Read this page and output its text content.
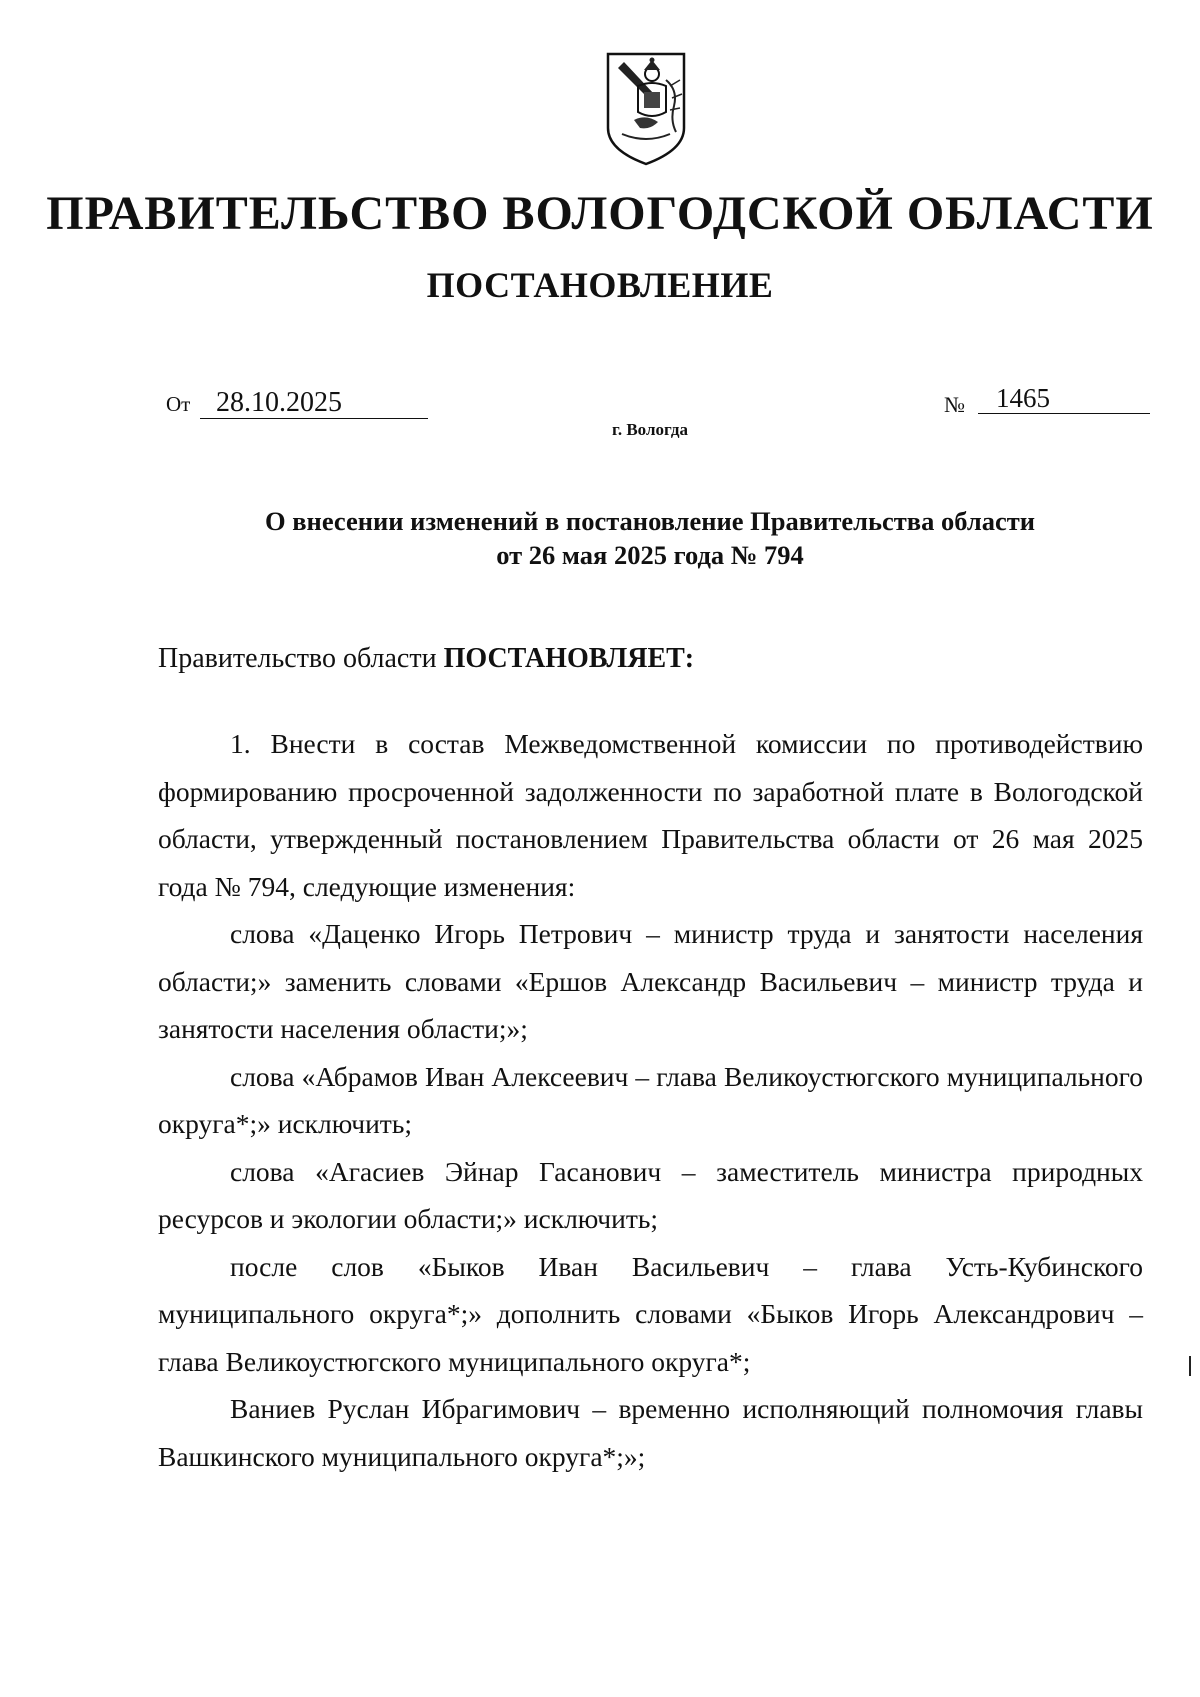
ПРАВИТЕЛЬСТВО ВОЛОГОДСКОЙ ОБЛАСТИ
ПОСТАНОВЛЕНИЕ
От 28.10.2025	№	1465
г. Вологда
О внесении изменений в постановление Правительства области
от 26 мая 2025 года № 794
Правительство области ПОСТАНОВЛЯЕТ:

1. Внести в состав Межведомственной комиссии по противодействию формированию просроченной задолженности по заработной плате в Вологодской области, утвержденный постановлением Правительства области от 26 мая 2025 года № 794, следующие изменения:

слова «Даценко Игорь Петрович – министр труда и занятости населения области;» заменить словами «Ершов Александр Васильевич – министр труда и занятости населения области;»;

слова «Абрамов Иван Алексеевич – глава Великоустюгского муниципального округа*;» исключить;

слова «Агасиев Эйнар Гасанович – заместитель министра природных ресурсов и экологии области;» исключить;

после слов «Быков Иван Васильевич – глава Усть-Кубинского муниципального округа*;» дополнить словами «Быков Игорь Александрович – глава Великоустюгского муниципального округа*;

Ваниев Руслан Ибрагимович – временно исполняющий полномочия главы Вашкинского муниципального округа*;»;
